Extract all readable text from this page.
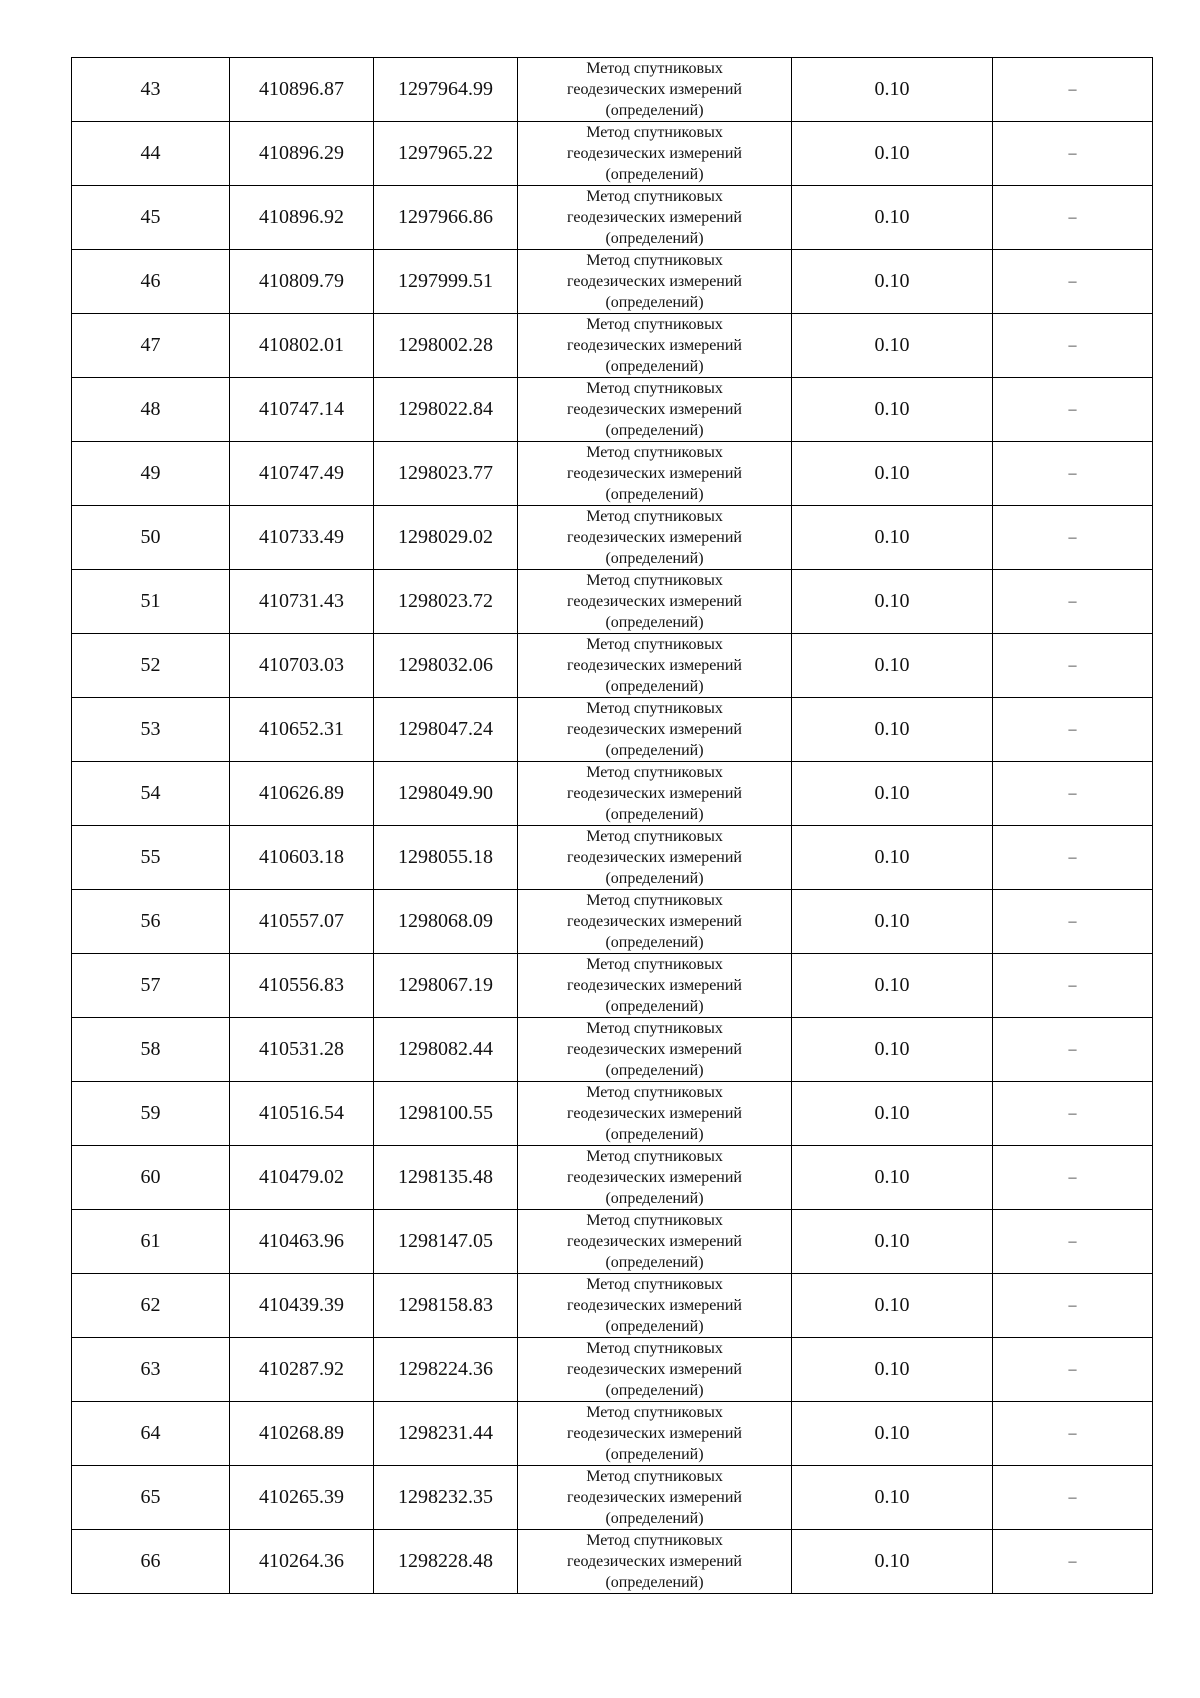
43	410896.87	1297964.99	Метод спутниковых
геодезических измерений
(определений)	0.10	–
44	410896.29	1297965.22	Метод спутниковых
геодезических измерений
(определений)	0.10	–
45	410896.92	1297966.86	Метод спутниковых
геодезических измерений
(определений)	0.10	–
46	410809.79	1297999.51	Метод спутниковых
геодезических измерений
(определений)	0.10	–
47	410802.01	1298002.28	Метод спутниковых
геодезических измерений
(определений)	0.10	–
48	410747.14	1298022.84	Метод спутниковых
геодезических измерений
(определений)	0.10	–
49	410747.49	1298023.77	Метод спутниковых
геодезических измерений
(определений)	0.10	–
50	410733.49	1298029.02	Метод спутниковых
геодезических измерений
(определений)	0.10	–
51	410731.43	1298023.72	Метод спутниковых
геодезических измерений
(определений)	0.10	–
52	410703.03	1298032.06	Метод спутниковых
геодезических измерений
(определений)	0.10	–
53	410652.31	1298047.24	Метод спутниковых
геодезических измерений
(определений)	0.10	–
54	410626.89	1298049.90	Метод спутниковых
геодезических измерений
(определений)	0.10	–
55	410603.18	1298055.18	Метод спутниковых
геодезических измерений
(определений)	0.10	–
56	410557.07	1298068.09	Метод спутниковых
геодезических измерений
(определений)	0.10	–
57	410556.83	1298067.19	Метод спутниковых
геодезических измерений
(определений)	0.10	–
58	410531.28	1298082.44	Метод спутниковых
геодезических измерений
(определений)	0.10	–
59	410516.54	1298100.55	Метод спутниковых
геодезических измерений
(определений)	0.10	–
60	410479.02	1298135.48	Метод спутниковых
геодезических измерений
(определений)	0.10	–
61	410463.96	1298147.05	Метод спутниковых
геодезических измерений
(определений)	0.10	–
62	410439.39	1298158.83	Метод спутниковых
геодезических измерений
(определений)	0.10	–
63	410287.92	1298224.36	Метод спутниковых
геодезических измерений
(определений)	0.10	–
64	410268.89	1298231.44	Метод спутниковых
геодезических измерений
(определений)	0.10	–
65	410265.39	1298232.35	Метод спутниковых
геодезических измерений
(определений)	0.10	–
66	410264.36	1298228.48	Метод спутниковых
геодезических измерений
(определений)	0.10	–
